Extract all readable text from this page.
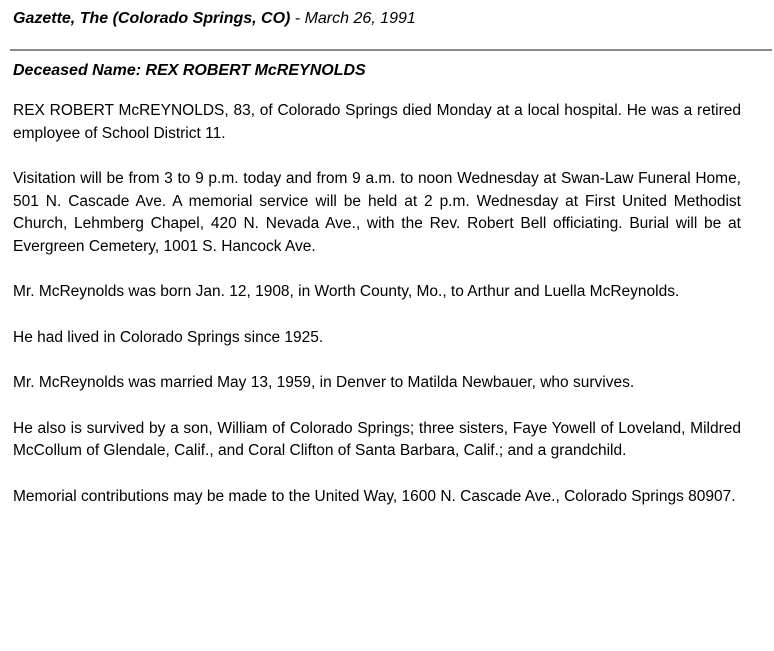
Gazette, The (Colorado Springs, CO) - March 26, 1991
Deceased Name: REX ROBERT McREYNOLDS

REX ROBERT McREYNOLDS, 83, of Colorado Springs died Monday at a local hospital. He was a retired employee of School District 11.

Visitation will be from 3 to 9 p.m. today and from 9 a.m. to noon Wednesday at Swan-Law Funeral Home, 501 N. Cascade Ave. A memorial service will be held at 2 p.m. Wednesday at First United Methodist Church, Lehmberg Chapel, 420 N. Nevada Ave., with the Rev. Robert Bell officiating. Burial will be at Evergreen Cemetery, 1001 S. Hancock Ave.

Mr. McReynolds was born Jan. 12, 1908, in Worth County, Mo., to Arthur and Luella McReynolds.

He had lived in Colorado Springs since 1925.

Mr. McReynolds was married May 13, 1959, in Denver to Matilda Newbauer, who survives.

He also is survived by a son, William of Colorado Springs; three sisters, Faye Yowell of Loveland, Mildred McCollum of Glendale, Calif., and Coral Clifton of Santa Barbara, Calif.; and a grandchild.

Memorial contributions may be made to the United Way, 1600 N. Cascade Ave., Colorado Springs 80907.
